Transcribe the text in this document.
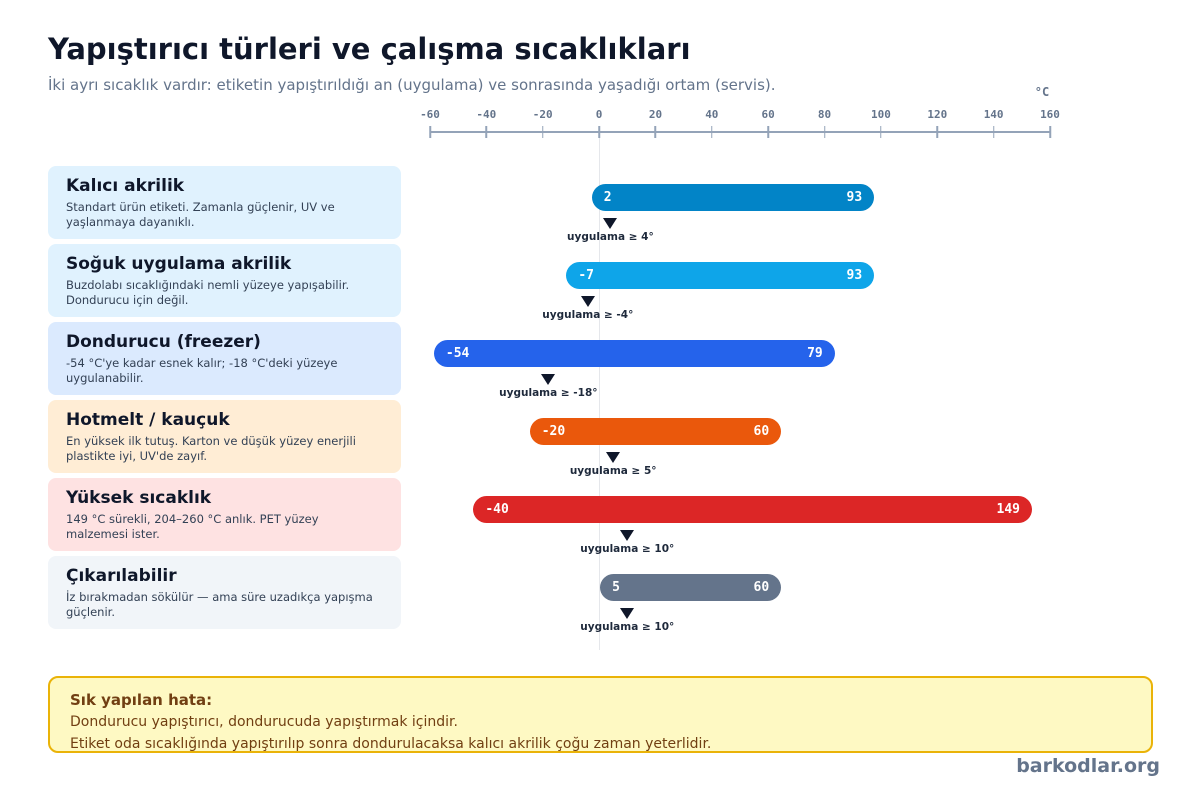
Yapıştırıcı türleri ve çalışma sıcaklıkları
İki ayrı sıcaklık vardır: etiketin yapıştırıldığı an (uygulama) ve sonrasında yaşadığı ortam (servis).	°C
-60	-40	-20	0	20	40	60	80	100	120	140	160
2	93
uygulama ≥ 4°
-7	93
uygulama ≥ -4°
-54	79
uygulama ≥ -18°
-20	60
uygulama ≥ 5°
-40	149
uygulama ≥ 10°
5	60
uygulama ≥ 10°
Sık yapılan hata:
Dondurucu yapıştırıcı, dondurucuda yapıştırmak içindir.
Etiket oda sıcaklığında yapıştırılıp sonra dondurulacaksa kalıcı akrilik çoğu zaman yeterlidir.
barkodlar.org
Kalıcı akrilik
Standart ürün etiketi. Zamanla güçlenir, UV ve yaşlanmaya dayanıklı.
Soğuk uygulama akrilik
Buzdolabı sıcaklığındaki nemli yüzeye yapışabilir. Dondurucu için değil.
Dondurucu (freezer)
-54 °C'ye kadar esnek kalır; -18 °C'deki yüzeye uygulanabilir.
Hotmelt / kauçuk
En yüksek ilk tutuş. Karton ve düşük yüzey enerjili plastikte iyi, UV'de zayıf.
Yüksek sıcaklık
149 °C sürekli, 204–260 °C anlık. PET yüzey malzemesi ister.
Çıkarılabilir
İz bırakmadan sökülür — ama süre uzadıkça yapışma güçlenir.
